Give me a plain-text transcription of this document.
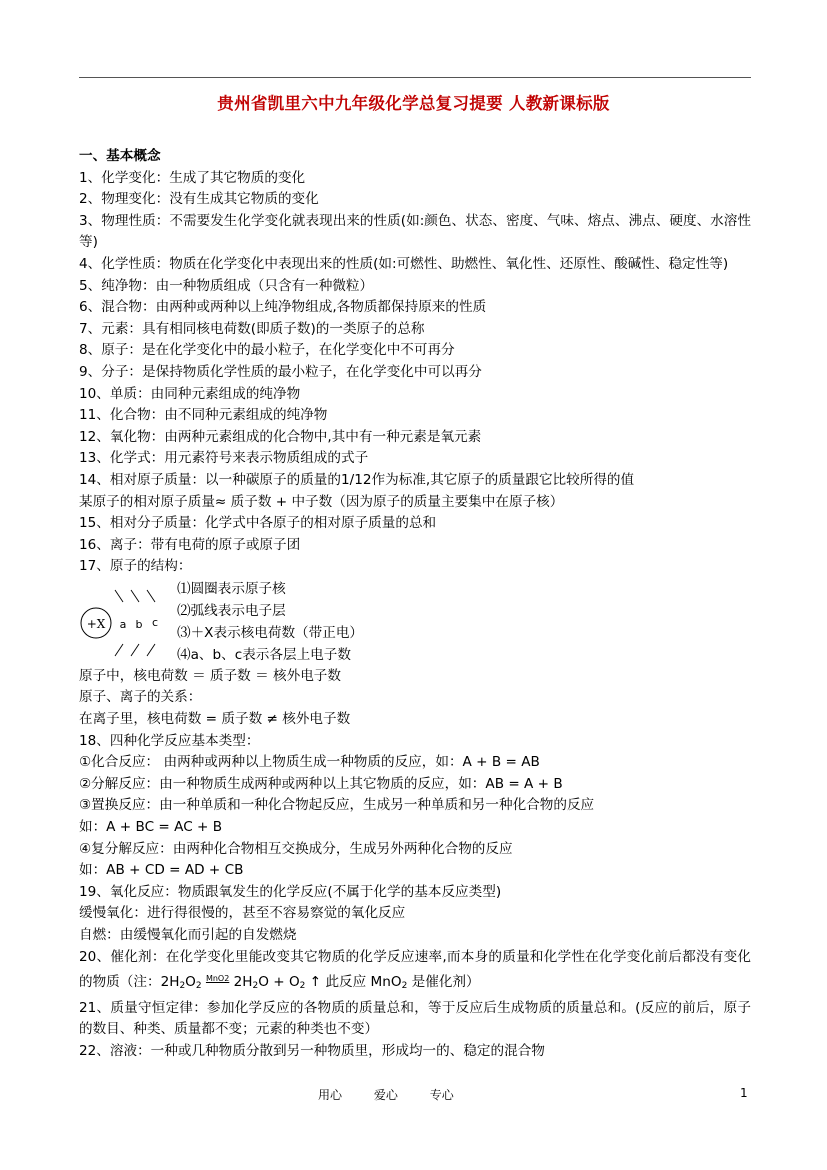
贵州省凯里六中九年级化学总复习提要 人教新课标版
一、基本概念
1、化学变化：生成了其它物质的变化
2、物理变化：没有生成其它物质的变化
3、物理性质：不需要发生化学变化就表现出来的性质(如:颜色、状态、密度、气味、熔点、沸点、硬度、水溶性等)
4、化学性质：物质在化学变化中表现出来的性质(如:可燃性、助燃性、氧化性、还原性、酸碱性、稳定性等)
5、纯净物：由一种物质组成（只含有一种微粒）
6、混合物：由两种或两种以上纯净物组成,各物质都保持原来的性质
7、元素：具有相同核电荷数(即质子数)的一类原子的总称
8、原子：是在化学变化中的最小粒子，在化学变化中不可再分
9、分子：是保持物质化学性质的最小粒子，在化学变化中可以再分
10、单质：由同种元素组成的纯净物
11、化合物：由不同种元素组成的纯净物
12、氧化物：由两种元素组成的化合物中,其中有一种元素是氧元素
13、化学式：用元素符号来表示物质组成的式子
14、相对原子质量：以一种碳原子的质量的1/12作为标准,其它原子的质量跟它比较所得的值
某原子的相对原子质量≈ 质子数 + 中子数（因为原子的质量主要集中在原子核）
15、相对分子质量：化学式中各原子的相对原子质量的总和
16、离子：带有电荷的原子或原子团
17、原子的结构：
+X a b c
⑴圆圈表示原子核
⑵弧线表示电子层
⑶＋X表示核电荷数（带正电）
⑷a、b、c表示各层上电子数
原子中，核电荷数 ＝ 质子数 ＝ 核外电子数
原子、离子的关系：
在离子里，核电荷数 = 质子数 ≠ 核外电子数
18、四种化学反应基本类型：
①化合反应： 由两种或两种以上物质生成一种物质的反应，如：A + B = AB
②分解反应：由一种物质生成两种或两种以上其它物质的反应，如：AB = A + B
③置换反应：由一种单质和一种化合物起反应，生成另一种单质和另一种化合物的反应
如：A + BC = AC + B
④复分解反应：由两种化合物相互交换成分，生成另外两种化合物的反应
如：AB + CD = AD + CB
19、氧化反应：物质跟氧发生的化学反应(不属于化学的基本反应类型)
缓慢氧化：进行得很慢的，甚至不容易察觉的氧化反应
自燃：由缓慢氧化而引起的自发燃烧
20、催化剂：在化学变化里能改变其它物质的化学反应速率,而本身的质量和化学性在化学变化前后都没有变化的物质（注：$2H_2O_2$ $^{MnO2}$ $2H_2O + O_2$ ↑ 此反应 MnO$_2$ 是催化剂）
21、质量守恒定律：参加化学反应的各物质的质量总和，等于反应后生成物质的质量总和。(反应的前后，原子的数目、种类、质量都不变；元素的种类也不变）
22、溶液：一种或几种物质分散到另一种物质里，形成均一的、稳定的混合物
用心	爱心	专心	1
